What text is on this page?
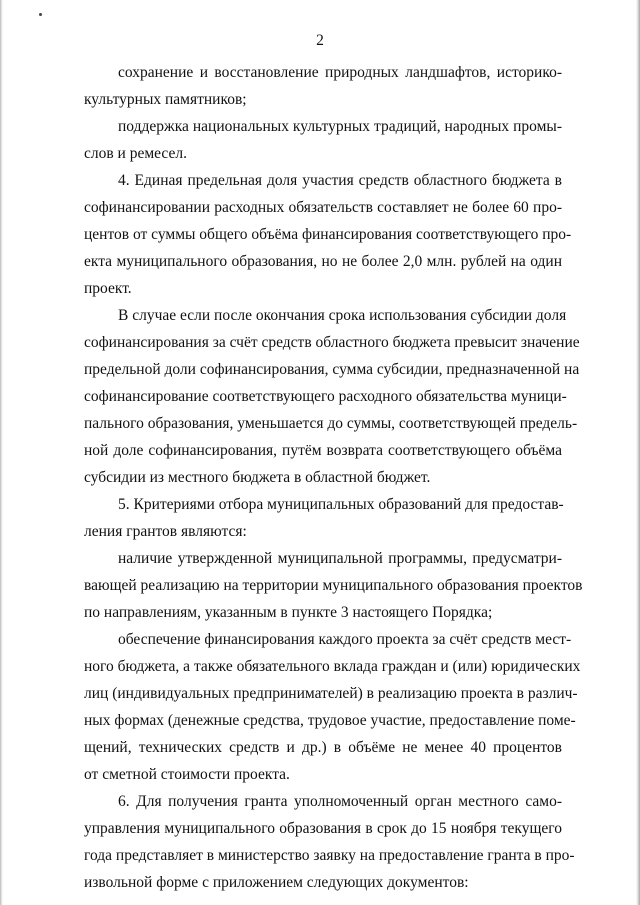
2
сохранение и восстановление природных ландшафтов, историко-
культурных памятников;
поддержка национальных культурных традиций, народных промы-
слов и ремесел.
4. Единая предельная доля участия средств областного бюджета в
софинансировании расходных обязательств составляет не более 60 про-
центов от суммы общего объёма финансирования соответствующего про-
екта муниципального образования, но не более 2,0 млн. рублей на один
проект.
В случае если после окончания срока использования субсидии доля
софинансирования за счёт средств областного бюджета превысит значение
предельной доли софинансирования, сумма субсидии, предназначенной на
софинансирование соответствующего расходного обязательства муници-
пального образования, уменьшается до суммы, соответствующей предель-
ной доле софинансирования, путём возврата соответствующего объёма
субсидии из местного бюджета в областной бюджет.
5. Критериями отбора муниципальных образований для предостав-
ления грантов являются:
наличие утвержденной муниципальной программы, предусматри-
вающей реализацию на территории муниципального образования проектов
по направлениям, указанным в пункте 3 настоящего Порядка;
обеспечение финансирования каждого проекта за счёт средств мест-
ного бюджета, а также обязательного вклада граждан и (или) юридических
лиц (индивидуальных предпринимателей) в реализацию проекта в различ-
ных формах (денежные средства, трудовое участие, предоставление поме-
щений, технических средств и др.) в объёме не менее 40 процентов
от сметной стоимости проекта.
6. Для получения гранта уполномоченный орган местного само-
управления муниципального образования в срок до 15 ноября текущего
года представляет в министерство заявку на предоставление гранта в про-
извольной форме с приложением следующих документов:
